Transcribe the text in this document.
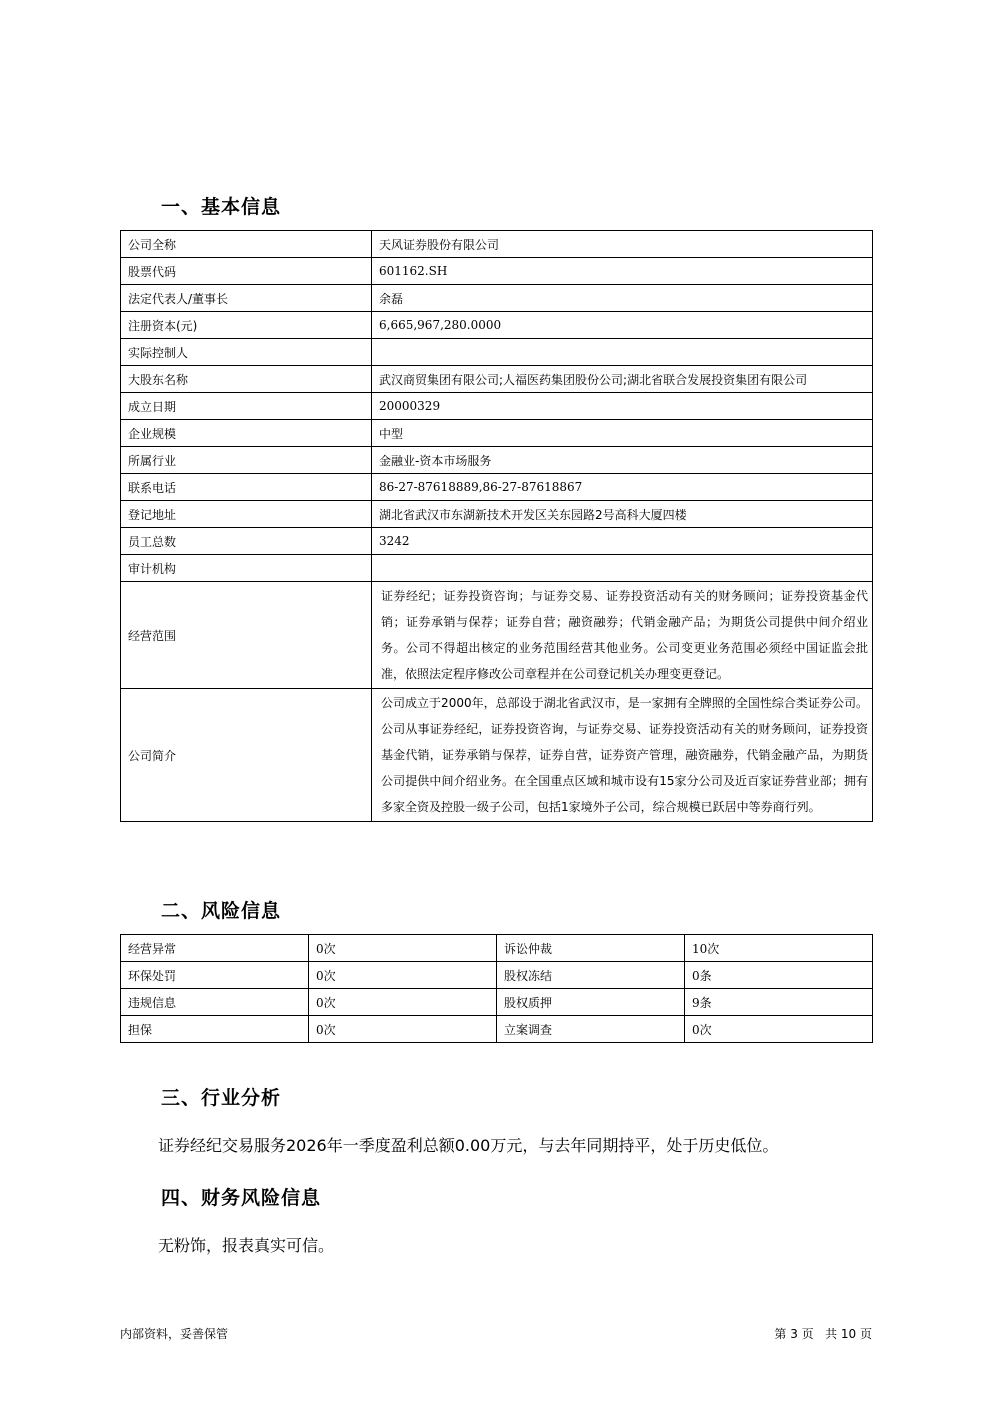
一、基本信息
公司全称	天风证券股份有限公司
股票代码	601162.SH
法定代表人/董事长	余磊
注册资本(元)	6,665,967,280.0000
实际控制人	
大股东名称	武汉商贸集团有限公司;人福医药集团股份公司;湖北省联合发展投资集团有限公司
成立日期	20000329
企业规模	中型
所属行业	金融业-资本市场服务
联系电话	86-27-87618889,86-27-87618867
登记地址	湖北省武汉市东湖新技术开发区关东园路2号高科大厦四楼
员工总数	3242
审计机构	
经营范围	证券经纪；证券投资咨询；与证券交易、证券投资活动有关的财务顾问；证券投资基金代销；证券承销与保荐；证券自营；融资融券；代销金融产品；为期货公司提供中间介绍业务。公司不得超出核定的业务范围经营其他业务。公司变更业务范围必须经中国证监会批准，依照法定程序修改公司章程并在公司登记机关办理变更登记。
公司简介	公司成立于2000年，总部设于湖北省武汉市，是一家拥有全牌照的全国性综合类证券公司。公司从事证券经纪，证券投资咨询，与证券交易、证券投资活动有关的财务顾问，证券投资基金代销，证券承销与保荐，证券自营，证券资产管理，融资融券，代销金融产品，为期货公司提供中间介绍业务。在全国重点区域和城市设有15家分公司及近百家证券营业部；拥有多家全资及控股一级子公司，包括1家境外子公司，综合规模已跃居中等券商行列。
二、风险信息
经营异常	0次	诉讼仲裁	10次
环保处罚	0次	股权冻结	0条
违规信息	0次	股权质押	9条
担保	0次	立案调查	0次
三、行业分析

证券经纪交易服务2026年一季度盈利总额0.00万元，与去年同期持平，处于历史低位。

四、财务风险信息

无粉饰，报表真实可信。

内部资料，妥善保管	第 3 页   共 10 页
